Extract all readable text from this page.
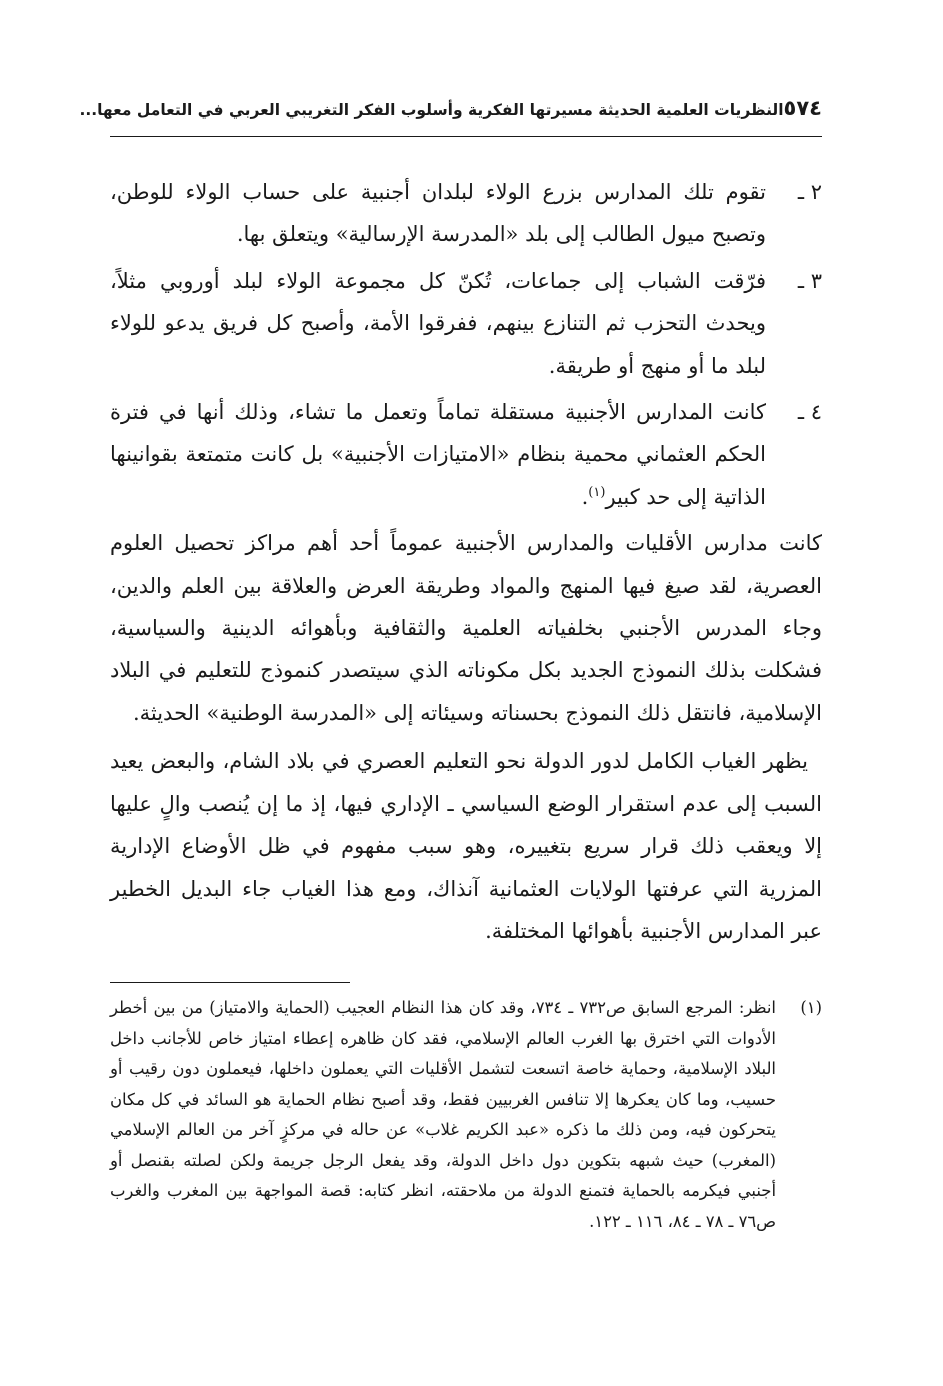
٥٧٤
النظريات العلمية الحديثة مسيرتها الفكرية وأسلوب الفكر التغريبي العربي في التعامل معها...
٢ ـ
تقوم تلك المدارس بزرع الولاء لبلدان أجنبية على حساب الولاء للوطن، وتصبح ميول الطالب إلى بلد «المدرسة الإرسالية» ويتعلق بها.
٣ ـ
فرّقت الشباب إلى جماعات، تُكنّ كل مجموعة الولاء لبلد أوروبي مثلاً، ويحدث التحزب ثم التنازع بينهم، ففرقوا الأمة، وأصبح كل فريق يدعو للولاء لبلد ما أو منهج أو طريقة.
٤ ـ
كانت المدارس الأجنبية مستقلة تماماً وتعمل ما تشاء، وذلك أنها في فترة الحكم العثماني محمية بنظام «الامتيازات الأجنبية» بل كانت متمتعة بقوانينها الذاتية إلى حد كبير$^{(١)}$.

كانت مدارس الأقليات والمدارس الأجنبية عموماً أحد أهم مراكز تحصيل العلوم العصرية، لقد صيغ فيها المنهج والمواد وطريقة العرض والعلاقة بين العلم والدين، وجاء المدرس الأجنبي بخلفياته العلمية والثقافية وبأهوائه الدينية والسياسية، فشكلت بذلك النموذج الجديد بكل مكوناته الذي سيتصدر كنموذج للتعليم في البلاد الإسلامية، فانتقل ذلك النموذج بحسناته وسيئاته إلى «المدرسة الوطنية» الحديثة.

يظهر الغياب الكامل لدور الدولة نحو التعليم العصري في بلاد الشام، والبعض يعيد السبب إلى عدم استقرار الوضع السياسي ـ الإداري فيها، إذ ما إن يُنصب والٍ عليها إلا ويعقب ذلك قرار سريع بتغييره، وهو سبب مفهوم في ظل الأوضاع الإدارية المزرية التي عرفتها الولايات العثمانية آنذاك، ومع هذا الغياب جاء البديل الخطير عبر المدارس الأجنبية بأهوائها المختلفة.

(١)
انظر: المرجع السابق ص٧٣٢ ـ ٧٣٤، وقد كان هذا النظام العجيب (الحماية والامتياز) من بين أخطر الأدوات التي اخترق بها الغرب العالم الإسلامي، فقد كان ظاهره إعطاء امتياز خاص للأجانب داخل البلاد الإسلامية، وحماية خاصة اتسعت لتشمل الأقليات التي يعملون داخلها، فيعملون دون رقيب أو حسيب، وما كان يعكرها إلا تنافس الغربيين فقط، وقد أصبح نظام الحماية هو السائد في كل مكان يتحركون فيه، ومن ذلك ما ذكره «عبد الكريم غلاب» عن حاله في مركزٍ آخر من العالم الإسلامي (المغرب) حيث شبهه بتكوين دول داخل الدولة، وقد يفعل الرجل جريمة ولكن لصلته بقنصل أو أجنبي فيكرمه بالحماية فتمنع الدولة من ملاحقته، انظر كتابه: قصة المواجهة بين المغرب والغرب ص٧٦ ـ ٧٨ ـ ٨٤، ١١٦ ـ ١٢٢.
